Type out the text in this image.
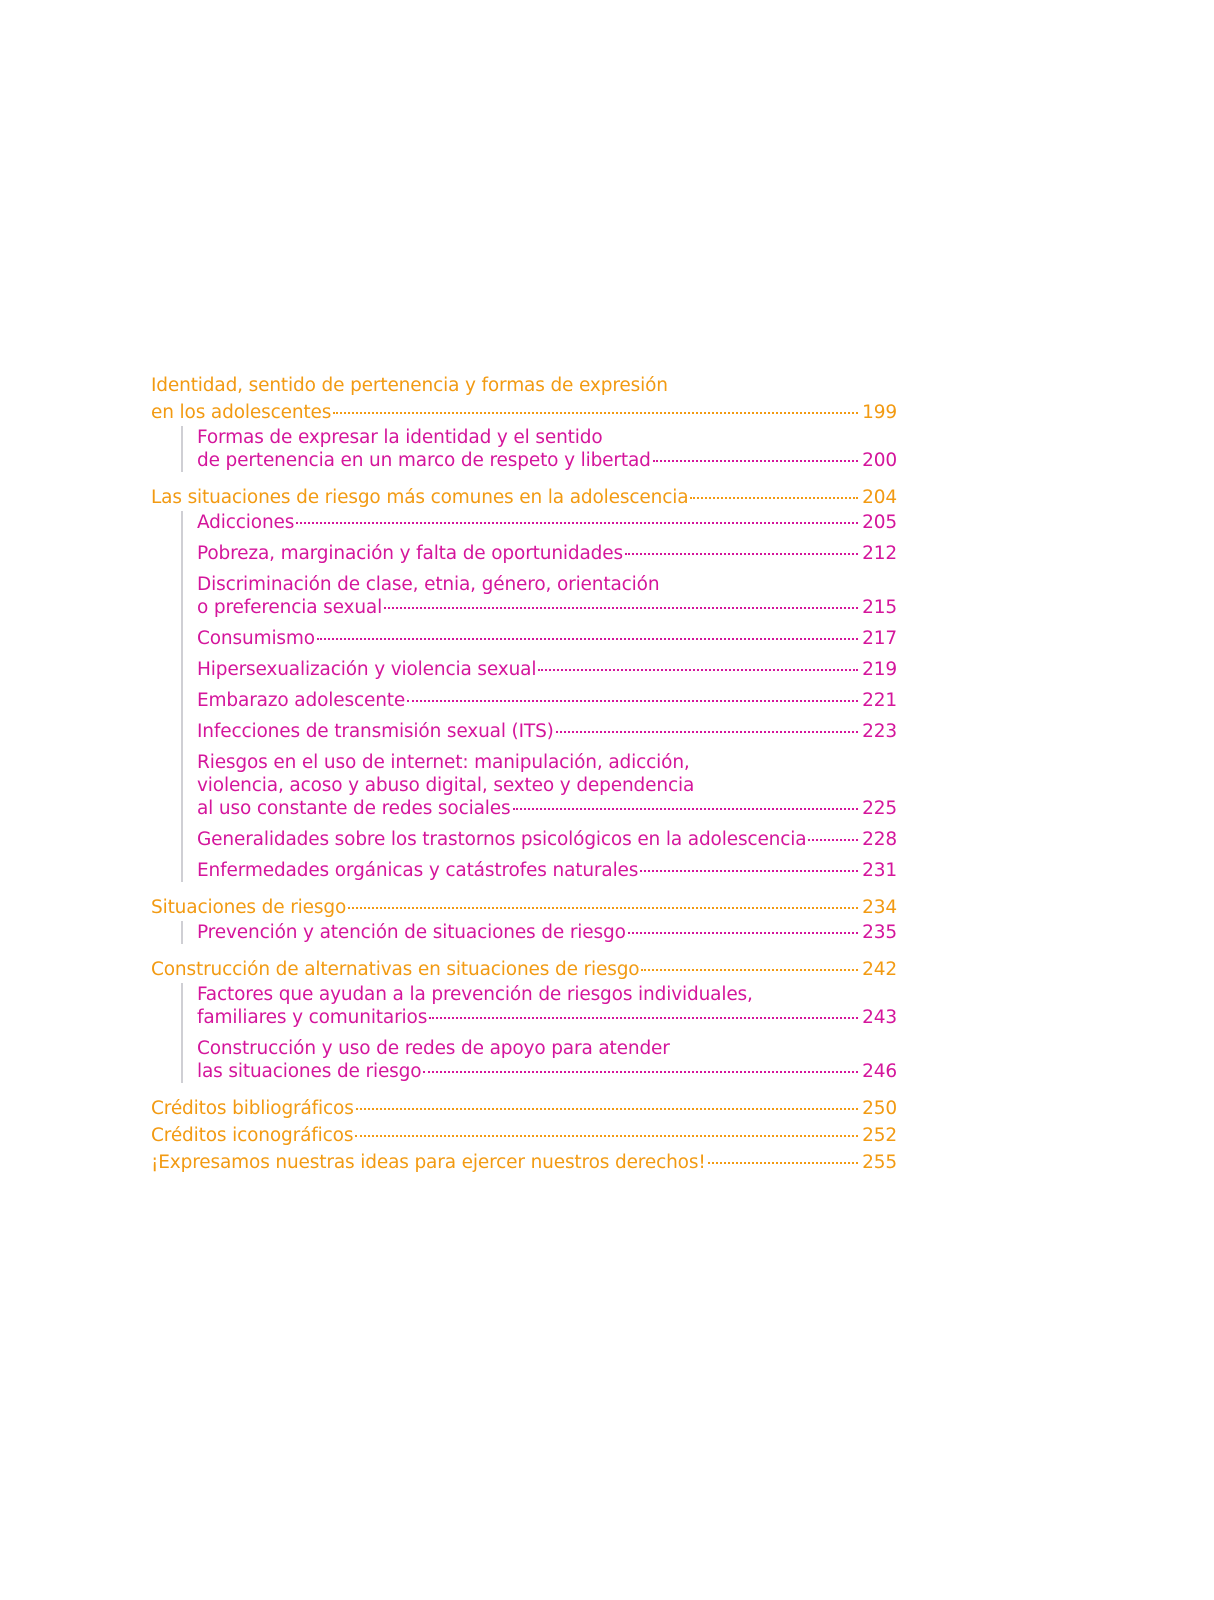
Identidad, sentido de pertenencia y formas de expresión
en los adolescentes	199
Formas de expresar la identidad y el sentido
de pertenencia en un marco de respeto y libertad	200
Las situaciones de riesgo más comunes en la adolescencia	204
Adicciones	205
Pobreza, marginación y falta de oportunidades	212
Discriminación de clase, etnia, género, orientación
o preferencia sexual	215
Consumismo	217
Hipersexualización y violencia sexual	219
Embarazo adolescente	221
Infecciones de transmisión sexual (ITS)	223
Riesgos en el uso de internet: manipulación, adicción,
violencia, acoso y abuso digital, sexteo y dependencia
al uso constante de redes sociales	225
Generalidades sobre los trastornos psicológicos en la adolescencia	228
Enfermedades orgánicas y catástrofes naturales	231
Situaciones de riesgo	234
Prevención y atención de situaciones de riesgo	235
Construcción de alternativas en situaciones de riesgo	242
Factores que ayudan a la prevención de riesgos individuales,
familiares y comunitarios	243
Construcción y uso de redes de apoyo para atender
las situaciones de riesgo	246
Créditos bibliográficos	250
Créditos iconográficos	252
¡Expresamos nuestras ideas para ejercer nuestros derechos!	255
